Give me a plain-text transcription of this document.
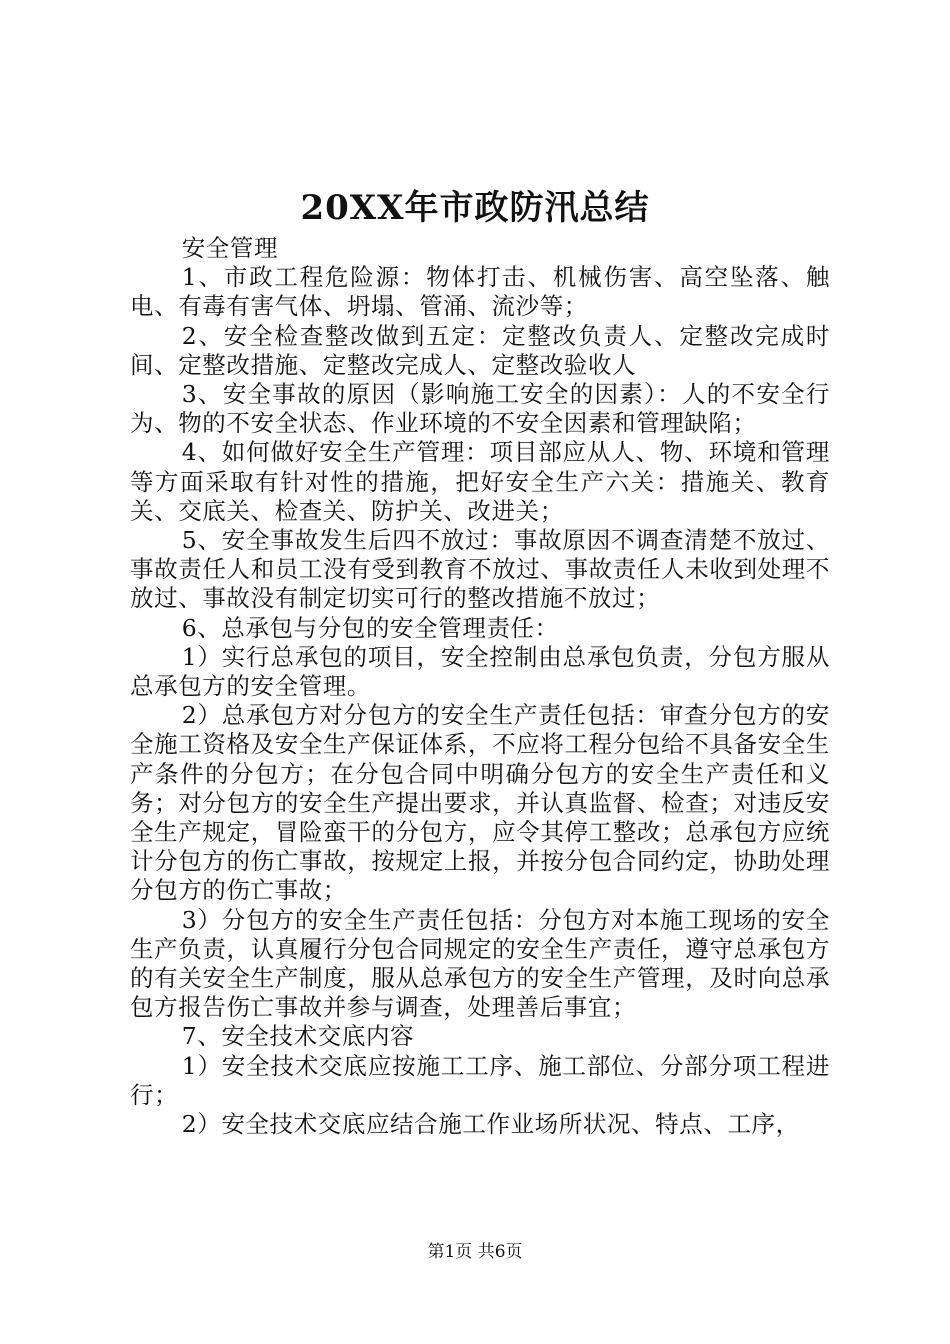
20XX年市政防汛总结

安全管理

1、市政工程危险源：物体打击、机械伤害、高空坠落、触电、有毒有害气体、坍塌、管涌、流沙等；

2、安全检查整改做到五定：定整改负责人、定整改完成时间、定整改措施、定整改完成人、定整改验收人

3、安全事故的原因（影响施工安全的因素）：人的不安全行为、物的不安全状态、作业环境的不安全因素和管理缺陷；

4、如何做好安全生产管理：项目部应从人、物、环境和管理等方面采取有针对性的措施，把好安全生产六关：措施关、教育关、交底关、检查关、防护关、改进关；

5、安全事故发生后四不放过：事故原因不调查清楚不放过、事故责任人和员工没有受到教育不放过、事故责任人未收到处理不放过、事故没有制定切实可行的整改措施不放过；

6、总承包与分包的安全管理责任：

1）实行总承包的项目，安全控制由总承包负责，分包方服从总承包方的安全管理。

2）总承包方对分包方的安全生产责任包括：审查分包方的安全施工资格及安全生产保证体系，不应将工程分包给不具备安全生产条件的分包方；在分包合同中明确分包方的安全生产责任和义务；对分包方的安全生产提出要求，并认真监督、检查；对违反安全生产规定，冒险蛮干的分包方，应令其停工整改；总承包方应统计分包方的伤亡事故，按规定上报，并按分包合同约定，协助处理分包方的伤亡事故；

3）分包方的安全生产责任包括：分包方对本施工现场的安全生产负责，认真履行分包合同规定的安全生产责任，遵守总承包方的有关安全生产制度，服从总承包方的安全生产管理，及时向总承包方报告伤亡事故并参与调查，处理善后事宜；

7、安全技术交底内容

1）安全技术交底应按施工工序、施工部位、分部分项工程进行；

2）安全技术交底应结合施工作业场所状况、特点、工序，

第1页 共6页
